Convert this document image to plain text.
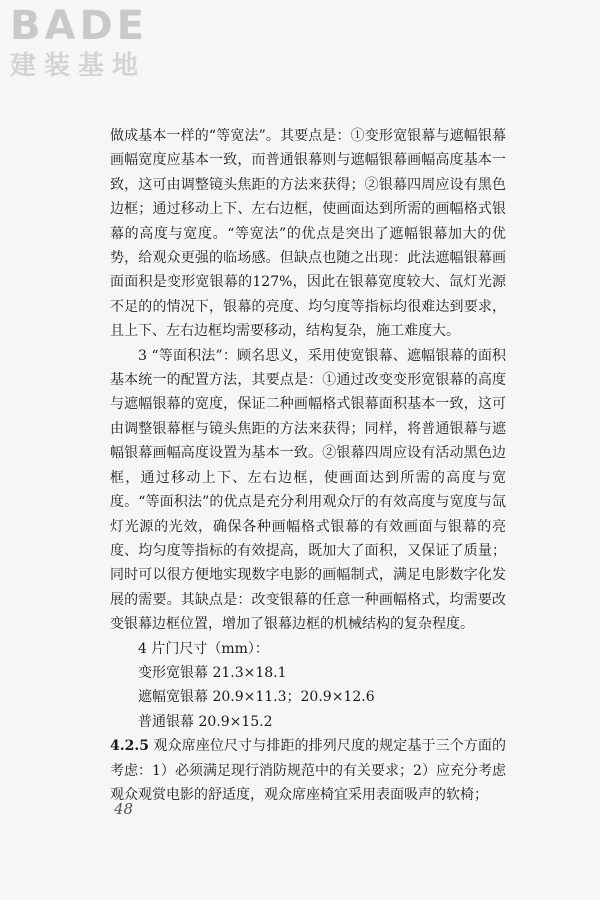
BADE
建装基地

做成基本一样的“等宽法”。其要点是：①变形宽银幕与遮幅银幕画幅宽度应基本一致，而普通银幕则与遮幅银幕画幅高度基本一致，这可由调整镜头焦距的方法来获得；②银幕四周应设有黑色边框；通过移动上下、左右边框，使画面达到所需的画幅格式银幕的高度与宽度。“等宽法”的优点是突出了遮幅银幕加大的优势，给观众更强的临场感。但缺点也随之出现：此法遮幅银幕画面面积是变形宽银幕的127%，因此在银幕宽度较大、氙灯光源不足的的情况下，银幕的亮度、均匀度等指标均很难达到要求，且上下、左右边框均需要移动，结构复杂，施工难度大。

3 “等面积法”：顾名思义，采用使宽银幕、遮幅银幕的面积基本统一的配置方法，其要点是：①通过改变变形宽银幕的高度与遮幅银幕的宽度，保证二种画幅格式银幕面积基本一致，这可由调整银幕框与镜头焦距的方法来获得；同样，将普通银幕与遮幅银幕画幅高度设置为基本一致。②银幕四周应设有活动黑色边框，通过移动上下、左右边框，使画面达到所需的高度与宽度。“等面积法”的优点是充分利用观众厅的有效高度与宽度与氙灯光源的光效，确保各种画幅格式银幕的有效画面与银幕的亮度、均匀度等指标的有效提高，既加大了面积，又保证了质量；同时可以很方便地实现数字电影的画幅制式，满足电影数字化发展的需要。其缺点是：改变银幕的任意一种画幅格式，均需要改变银幕边框位置，增加了银幕边框的机械结构的复杂程度。

4 片门尺寸（mm）：

变形宽银幕 21.3×18.1

遮幅宽银幕 20.9×11.3；20.9×12.6

普通银幕 20.9×15.2

4.2.5 观众席座位尺寸与排距的排列尺度的规定基于三个方面的考虑：1）必须满足现行消防规范中的有关要求；2）应充分考虑观众观赏电影的舒适度，观众席座椅宜采用表面吸声的软椅；

48
